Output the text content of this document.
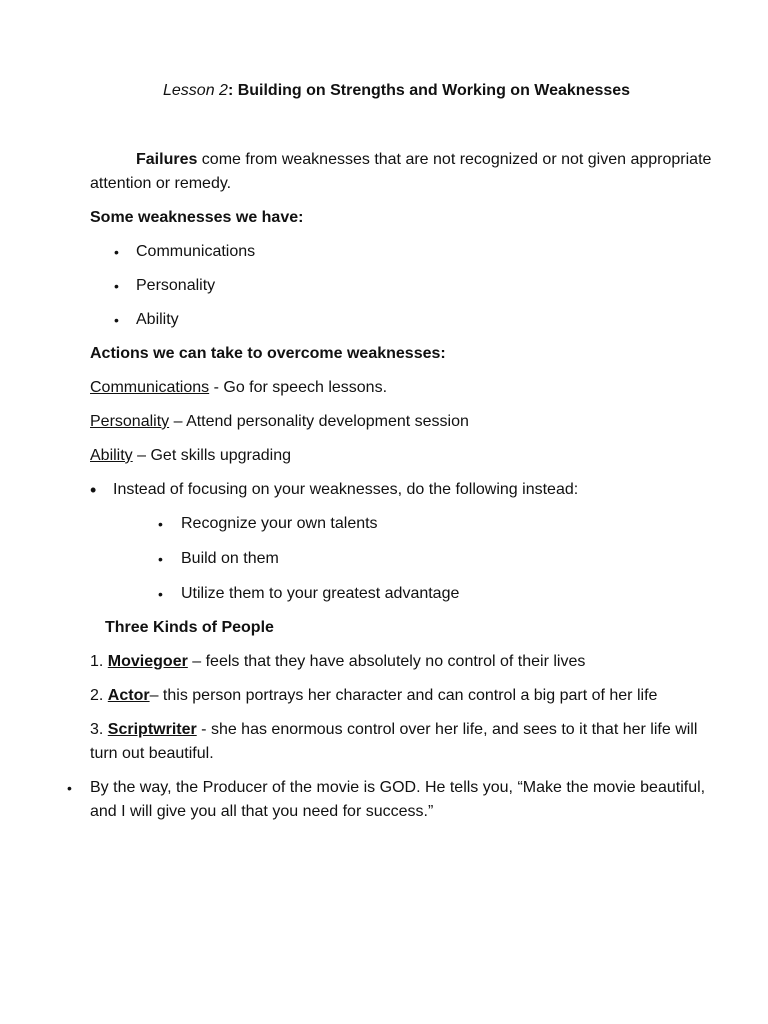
Lesson 2: Building on Strengths and Working on Weaknesses
Failures come from weaknesses that are not recognized or not given appropriate
attention or remedy.
Some weaknesses we have:
• Communications
• Personality
• Ability
Actions we can take to overcome weaknesses:
Communications - Go for speech lessons.
Personality – Attend personality development session
Ability – Get skills upgrading
• Instead of focusing on your weaknesses, do the following instead:
• Recognize your own talents
• Build on them
• Utilize them to your greatest advantage
Three Kinds of People
1. Moviegoer – feels that they have absolutely no control of their lives
2. Actor– this person portrays her character and can control a big part of her life
3. Scriptwriter - she has enormous control over her life, and sees to it that her life will
turn out beautiful.
• By the way, the Producer of the movie is GOD. He tells you, “Make the movie beautiful,
and I will give you all that you need for success.”
